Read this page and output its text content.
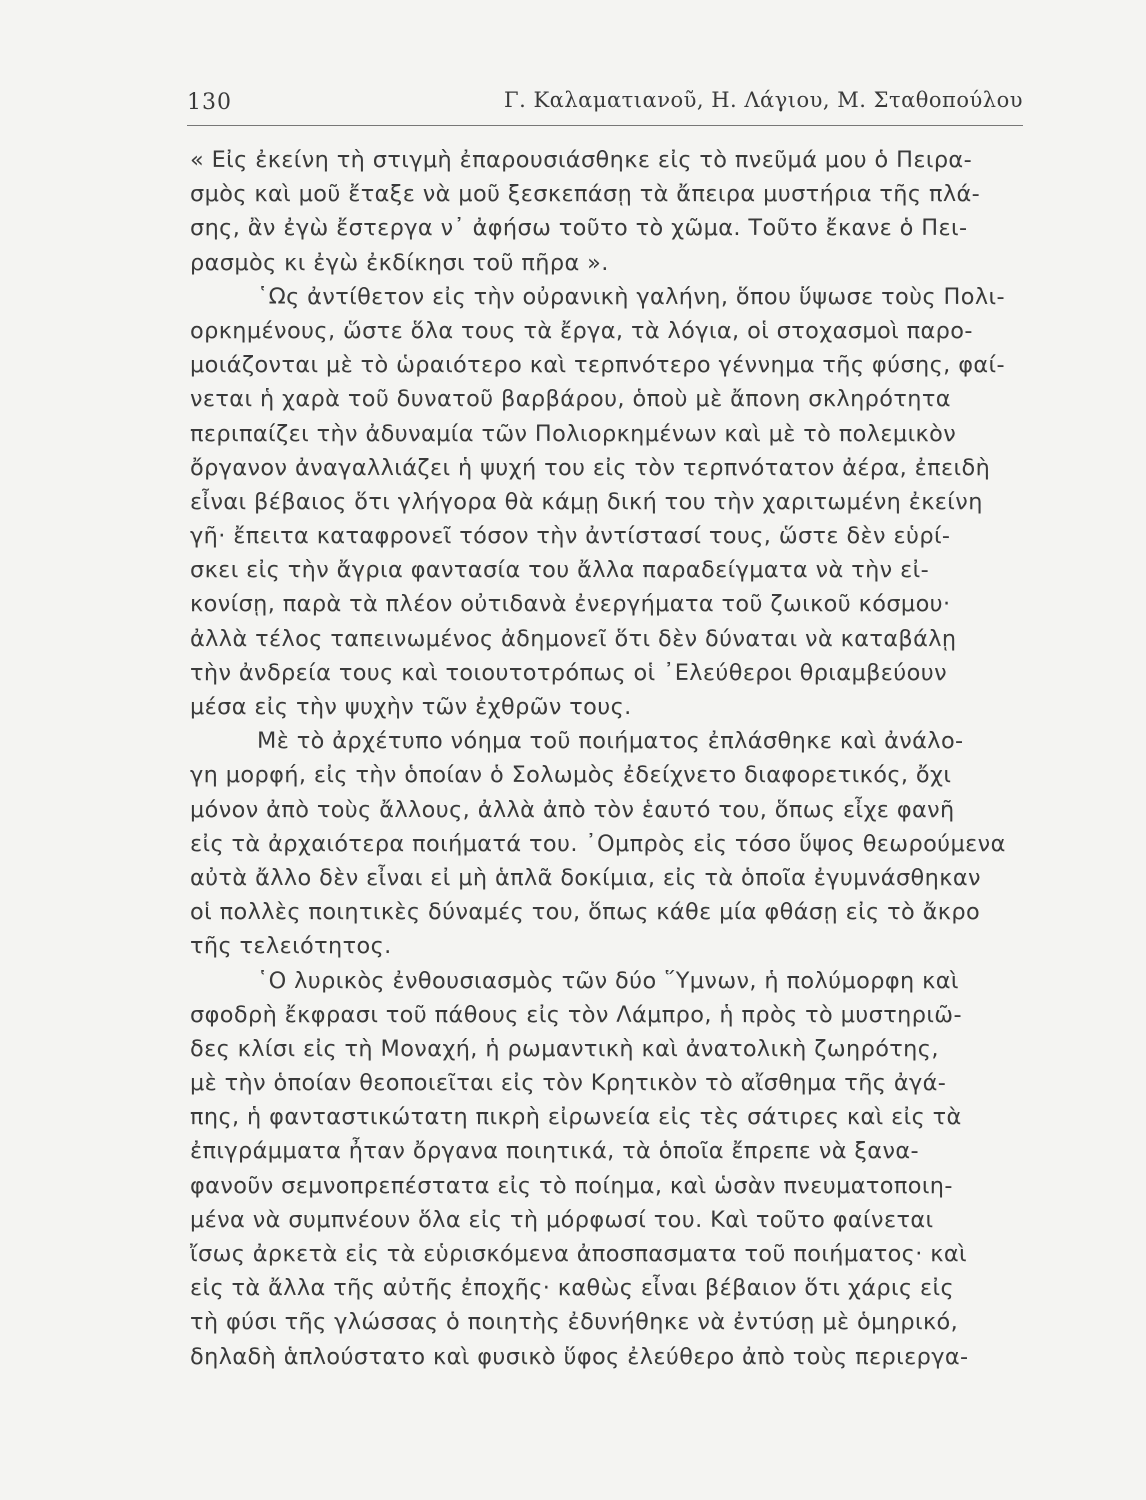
130	Γ. Καλαματιανοῦ, Η. Λάγιου, Μ. Σταθοπούλου
« Εἰς ἐκείνη τὴ στιγμὴ ἐπαρουσιάσθηκε εἰς τὸ πνεῦμά μου ὁ Πειρα-
σμὸς καὶ μοῦ ἔταξε νὰ μοῦ ξεσκεπάσῃ τὰ ἄπειρα μυστήρια τῆς πλά-
σης, ἂν ἐγὼ ἔστεργα ν᾿ ἀφήσω τοῦτο τὸ χῶμα. Τοῦτο ἔκανε ὁ Πει-
ρασμὸς κι ἐγὼ ἐκδίκησι τοῦ πῆρα ».
῾Ως ἀντίθετον εἰς τὴν οὐρανικὴ γαλήνη, ὅπου ὕψωσε τοὺς Πολι-
ορκημένους, ὥστε ὅλα τους τὰ ἔργα, τὰ λόγια, οἱ στοχασμοὶ παρο-
μοιάζονται μὲ τὸ ὡραιότερο καὶ τερπνότερο γέννημα τῆς φύσης, φαί-
νεται ἡ χαρὰ τοῦ δυνατοῦ βαρβάρου, ὁποὺ μὲ ἄπονη σκληρότητα
περιπαίζει τὴν ἀδυναμία τῶν Πολιορκημένων καὶ μὲ τὸ πολεμικὸν
ὄργανον ἀναγαλλιάζει ἡ ψυχή του εἰς τὸν τερπνότατον ἀέρα, ἐπειδὴ
εἶναι βέβαιος ὅτι γλήγορα θὰ κάμῃ δική του τὴν χαριτωμένη ἐκείνη
γῆ· ἔπειτα καταφρονεῖ τόσον τὴν ἀντίστασί τους, ὥστε δὲν εὑρί-
σκει εἰς τὴν ἄγρια φαντασία του ἄλλα παραδείγματα νὰ τὴν εἰ-
κονίσῃ, παρὰ τὰ πλέον οὐτιδανὰ ἐνεργήματα τοῦ ζωικοῦ κόσμου·
ἀλλὰ τέλος ταπεινωμένος ἀδημονεῖ ὅτι δὲν δύναται νὰ καταβάλῃ
τὴν ἀνδρεία τους καὶ τοιουτοτρόπως οἱ ᾿Ελεύθεροι θριαμβεύουν
μέσα εἰς τὴν ψυχὴν τῶν ἐχθρῶν τους.
Μὲ τὸ ἀρχέτυπο νόημα τοῦ ποιήματος ἐπλάσθηκε καὶ ἀνάλο-
γη μορφή, εἰς τὴν ὁποίαν ὁ Σολωμὸς ἐδείχνετο διαφορετικός, ὄχι
μόνον ἀπὸ τοὺς ἄλλους, ἀλλὰ ἀπὸ τὸν ἑαυτό του, ὅπως εἶχε φανῆ
εἰς τὰ ἀρχαιότερα ποιήματά του. ᾿Ομπρὸς εἰς τόσο ὕψος θεωρούμενα
αὐτὰ ἄλλο δὲν εἶναι εἰ μὴ ἁπλᾶ δοκίμια, εἰς τὰ ὁποῖα ἐγυμνάσθηκαν
οἱ πολλὲς ποιητικὲς δύναμές του, ὅπως κάθε μία φθάσῃ εἰς τὸ ἄκρο
τῆς τελειότητος.
῾Ο λυρικὸς ἐνθουσιασμὸς τῶν δύο ῞Υμνων, ἡ πολύμορφη καὶ
σφοδρὴ ἔκφρασι τοῦ πάθους εἰς τὸν Λάμπρο, ἡ πρὸς τὸ μυστηριῶ-
δες κλίσι εἰς τὴ Μοναχή, ἡ ρωμαντικὴ καὶ ἀνατολικὴ ζωηρότης,
μὲ τὴν ὁποίαν θεοποιεῖται εἰς τὸν Κρητικὸν τὸ αἴσθημα τῆς ἀγά-
πης, ἡ φανταστικώτατη πικρὴ εἰρωνεία εἰς τὲς σάτιρες καὶ εἰς τὰ
ἐπιγράμματα ἦταν ὄργανα ποιητικά, τὰ ὁποῖα ἔπρεπε νὰ ξανα-
φανοῦν σεμνοπρεπέστατα εἰς τὸ ποίημα, καὶ ὡσὰν πνευματοποιη-
μένα νὰ συμπνέουν ὅλα εἰς τὴ μόρφωσί του. Καὶ τοῦτο φαίνεται
ἴσως ἀρκετὰ εἰς τὰ εὑρισκόμενα ἀποσπασματα τοῦ ποιήματος· καὶ
εἰς τὰ ἄλλα τῆς αὐτῆς ἐποχῆς· καθὼς εἶναι βέβαιον ὅτι χάρις εἰς
τὴ φύσι τῆς γλώσσας ὁ ποιητὴς ἐδυνήθηκε νὰ ἐντύσῃ μὲ ὁμηρικό,
δηλαδὴ ἁπλούστατο καὶ φυσικὸ ὕφος ἐλεύθερο ἀπὸ τοὺς περιεργα-
